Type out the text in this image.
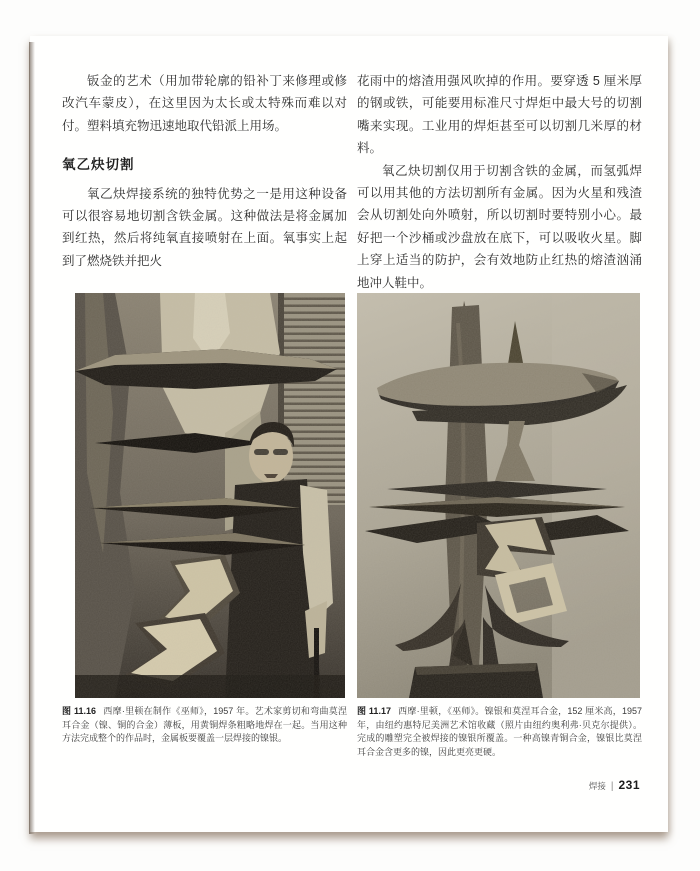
钣金的艺术（用加带轮廓的铅补丁来修理或修改汽车蒙皮），在这里因为太长或太特殊而难以对付。塑料填充物迅速地取代铅派上用场。

氧乙炔切割

氧乙炔焊接系统的独特优势之一是用这种设备可以很容易地切割含铁金属。这种做法是将金属加到红热，然后将纯氧直接喷射在上面。氧事实上起到了燃烧铁并把火

花雨中的熔渣用强风吹掉的作用。要穿透 5 厘米厚的钢或铁，可能要用标准尺寸焊炬中最大号的切割嘴来实现。工业用的焊炬甚至可以切割几米厚的材料。

氧乙炔切割仅用于切割含铁的金属，而氢弧焊可以用其他的方法切割所有金属。因为火星和残渣会从切割处向外喷射，所以切割时要特别小心。最好把一个沙桶或沙盘放在底下，可以吸收火星。脚上穿上适当的防护，会有效地防止红热的熔渣汹涌地冲人鞋中。

图 11.16 西摩·里顿在制作《巫师》，1957 年。艺术家剪切和弯曲莫涅耳合金（镍、铜的合金）薄板，用黄铜焊条粗略地焊在一起。当用这种方法完成整个的作品时，金属板要覆盖一层焊接的镍银。
图 11.17 西摩·里顿，《巫师》。镍银和莫涅耳合金，152 厘米高，1957 年，由纽约惠特尼美洲艺术馆收藏（照片由纽约奥利弗·贝克尔提供）。完成的雕塑完全被焊接的镍银所覆盖。一种高镍青铜合金，镍银比莫涅耳合金含更多的镍，因此更亮更硬。
焊接 | 231
